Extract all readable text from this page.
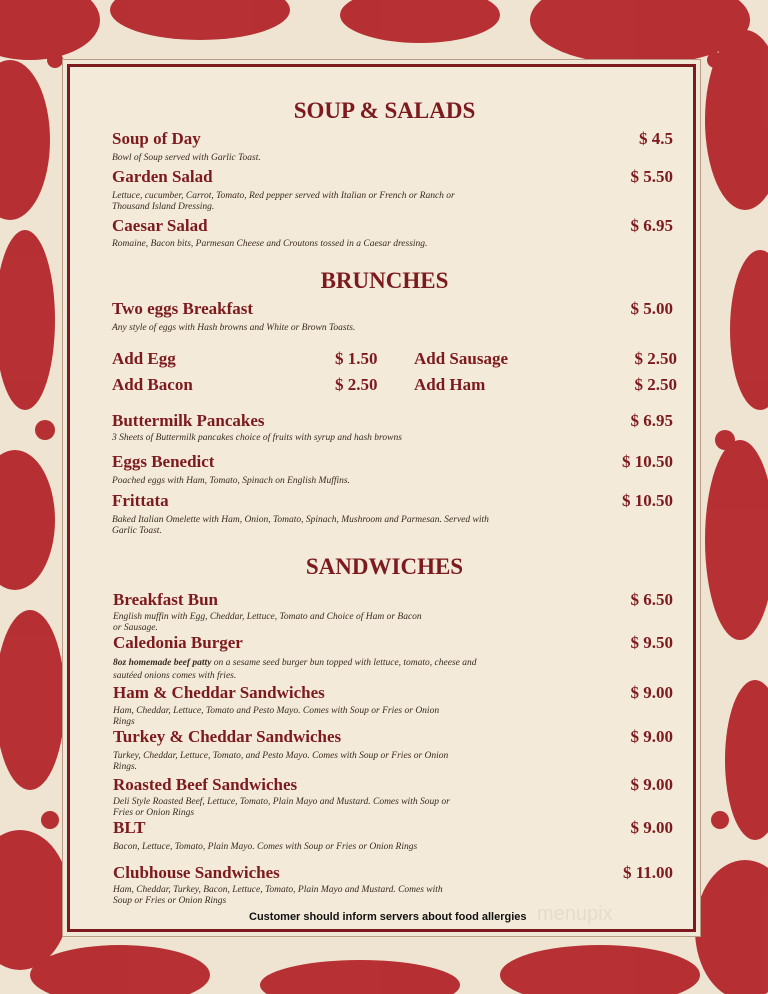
SOUP & SALADS
Soup of Day	$ 4.5
Bowl of Soup served with Garlic Toast.
Garden Salad	$ 5.50
Lettuce, cucumber, Carrot, Tomato, Red pepper served with Italian or French or Ranch or Thousand Island Dressing.
Caesar Salad	$ 6.95
Romaine, Bacon bits, Parmesan Cheese and Croutons tossed in a Caesar dressing.
BRUNCHES
Two eggs Breakfast	$ 5.00
Any style of eggs with Hash browns and White or Brown Toasts.
Add Egg	$ 1.50 Add Sausage	$ 2.50
Add Bacon	$ 2.50 Add Ham	$ 2.50
Buttermilk Pancakes	$ 6.95
3 Sheets of Buttermilk pancakes choice of fruits with syrup and hash browns
Eggs Benedict	$ 10.50
Poached eggs with Ham, Tomato, Spinach on English Muffins.
Frittata	$ 10.50
Baked Italian Omelette with Ham, Onion, Tomato, Spinach, Mushroom and Parmesan. Served with Garlic Toast.
SANDWICHES
Breakfast Bun	$ 6.50
English muffin with Egg, Cheddar, Lettuce, Tomato and Choice of Ham or Bacon or Sausage.
Caledonia Burger	$ 9.50
8oz homemade beef patty on a sesame seed burger bun topped with lettuce, tomato, cheese and sautéed onions comes with fries.
Ham & Cheddar Sandwiches	$ 9.00
Ham, Cheddar, Lettuce, Tomato and Pesto Mayo. Comes with Soup or Fries or Onion Rings
Turkey & Cheddar Sandwiches	$ 9.00
Turkey, Cheddar, Lettuce, Tomato, and Pesto Mayo. Comes with Soup or Fries or Onion Rings.
Roasted Beef Sandwiches	$ 9.00
Deli Style Roasted Beef, Lettuce, Tomato, Plain Mayo and Mustard. Comes with Soup or Fries or Onion Rings
BLT	$ 9.00
Bacon, Lettuce, Tomato, Plain Mayo. Comes with Soup or Fries or Onion Rings
Clubhouse Sandwiches	$ 11.00
Ham, Cheddar, Turkey, Bacon, Lettuce, Tomato, Plain Mayo and Mustard. Comes with Soup or Fries or Onion Rings
Customer should inform servers about food allergies menupix
